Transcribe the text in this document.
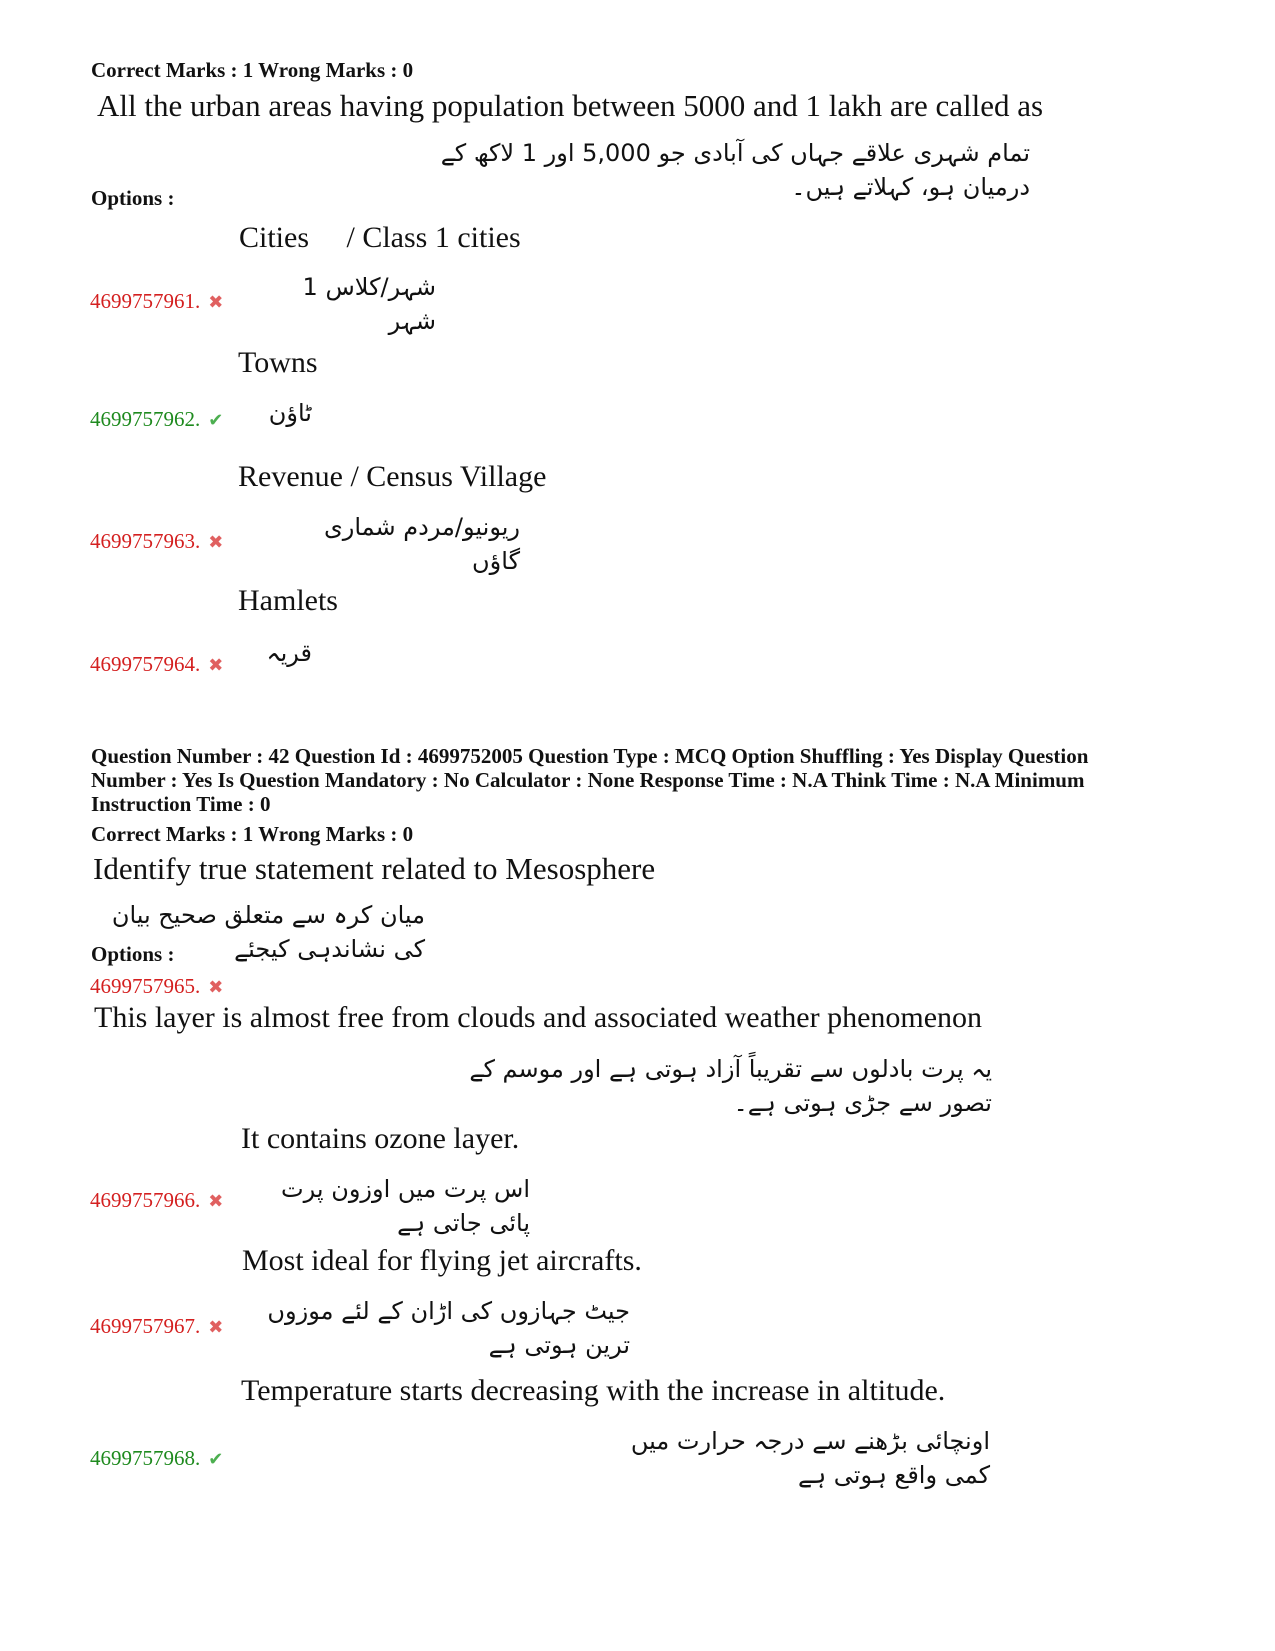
Correct Marks : 1 Wrong Marks : 0
All the urban areas having population between 5000 and 1 lakh are called as
تمام شہری علاقے جہاں کی آبادی جو 5,000 اور 1 لاکھ کے درمیان ہو، کہلاتے ہیں۔
Options :
Cities     / Class 1 cities
شہر/کلاس 1 شہر
4699757961. ✖
Towns
ٹاؤن
4699757962. ✔
Revenue / Census Village
ریونیو/مردم شماری گاؤں
4699757963. ✖
Hamlets
قریہ
4699757964. ✖
Question Number : 42 Question Id : 4699752005 Question Type : MCQ Option Shuffling : Yes Display Question
Number : Yes Is Question Mandatory : No Calculator : None Response Time : N.A Think Time : N.A Minimum
Instruction Time : 0
Correct Marks : 1 Wrong Marks : 0
Identify true statement related to Mesosphere
میان کرہ سے متعلق صحیح بیان کی نشاندہی کیجئے
Options :
4699757965. ✖
This layer is almost free from clouds and associated weather phenomenon
یہ پرت بادلوں سے تقریباً آزاد ہوتی ہے اور موسم کے تصور سے جڑی ہوتی ہے۔
It contains ozone layer.
اس پرت میں اوزون پرت پائی جاتی ہے
4699757966. ✖
Most ideal for flying jet aircrafts.
جیٹ جہازوں کی اڑان کے لئے موزوں ترین ہوتی ہے
4699757967. ✖
Temperature starts decreasing with the increase in altitude.
اونچائی بڑھنے سے درجہ حرارت میں کمی واقع ہوتی ہے
4699757968. ✔
